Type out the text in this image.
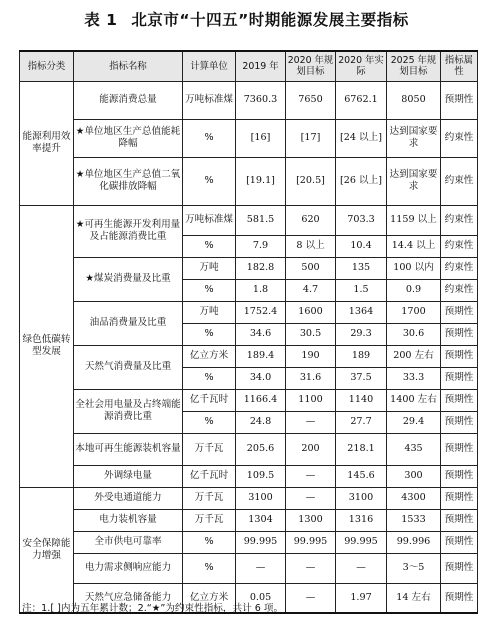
表 1 北京市“十四五”时期能源发展主要指标
指标分类	指标名称	计算单位	2019 年	2020 年规划目标	2020 年实际	2025 年规划目标	指标属性
能源利用效率提升	能源消费总量	万吨标准煤	7360.3	7650	6762.1	8050	预期性
	★单位地区生产总值能耗降幅	%	[16]	[17]	[24 以上]	达到国家要求	约束性
	★单位地区生产总值二氧化碳排放降幅	%	[19.1]	[20.5]	[26 以上]	达到国家要求	约束性
绿色低碳转型发展	★可再生能源开发利用量及占能源消费比重	万吨标准煤	581.5	620	703.3	1159 以上	约束性
		%	7.9	8 以上	10.4	14.4 以上	约束性
	★煤炭消费量及比重	万吨	182.8	500	135	100 以内	约束性
		%	1.8	4.7	1.5	0.9	约束性
	油品消费量及比重	万吨	1752.4	1600	1364	1700	预期性
		%	34.6	30.5	29.3	30.6	预期性
	天然气消费量及比重	亿立方米	189.4	190	189	200 左右	预期性
		%	34.0	31.6	37.5	33.3	预期性
	全社会用电量及占终端能源消费比重	亿千瓦时	1166.4	1100	1140	1400 左右	预期性
		%	24.8	—	27.7	29.4	预期性
	本地可再生能源装机容量	万千瓦	205.6	200	218.1	435	预期性
	外调绿电量	亿千瓦时	109.5	—	145.6	300	预期性
安全保障能力增强	外受电通道能力	万千瓦	3100	—	3100	4300	预期性
	电力装机容量	万千瓦	1304	1300	1316	1533	预期性
	全市供电可靠率	%	99.995	99.995	99.995	99.996	预期性
	电力需求侧响应能力	%	—	—	—	3～5	预期性
	天然气应急储备能力	亿立方米	0.05	—	1.97	14 左右	预期性
注：1.[ ]内为五年累计数；2.“★”为约束性指标，共计 6 项。
